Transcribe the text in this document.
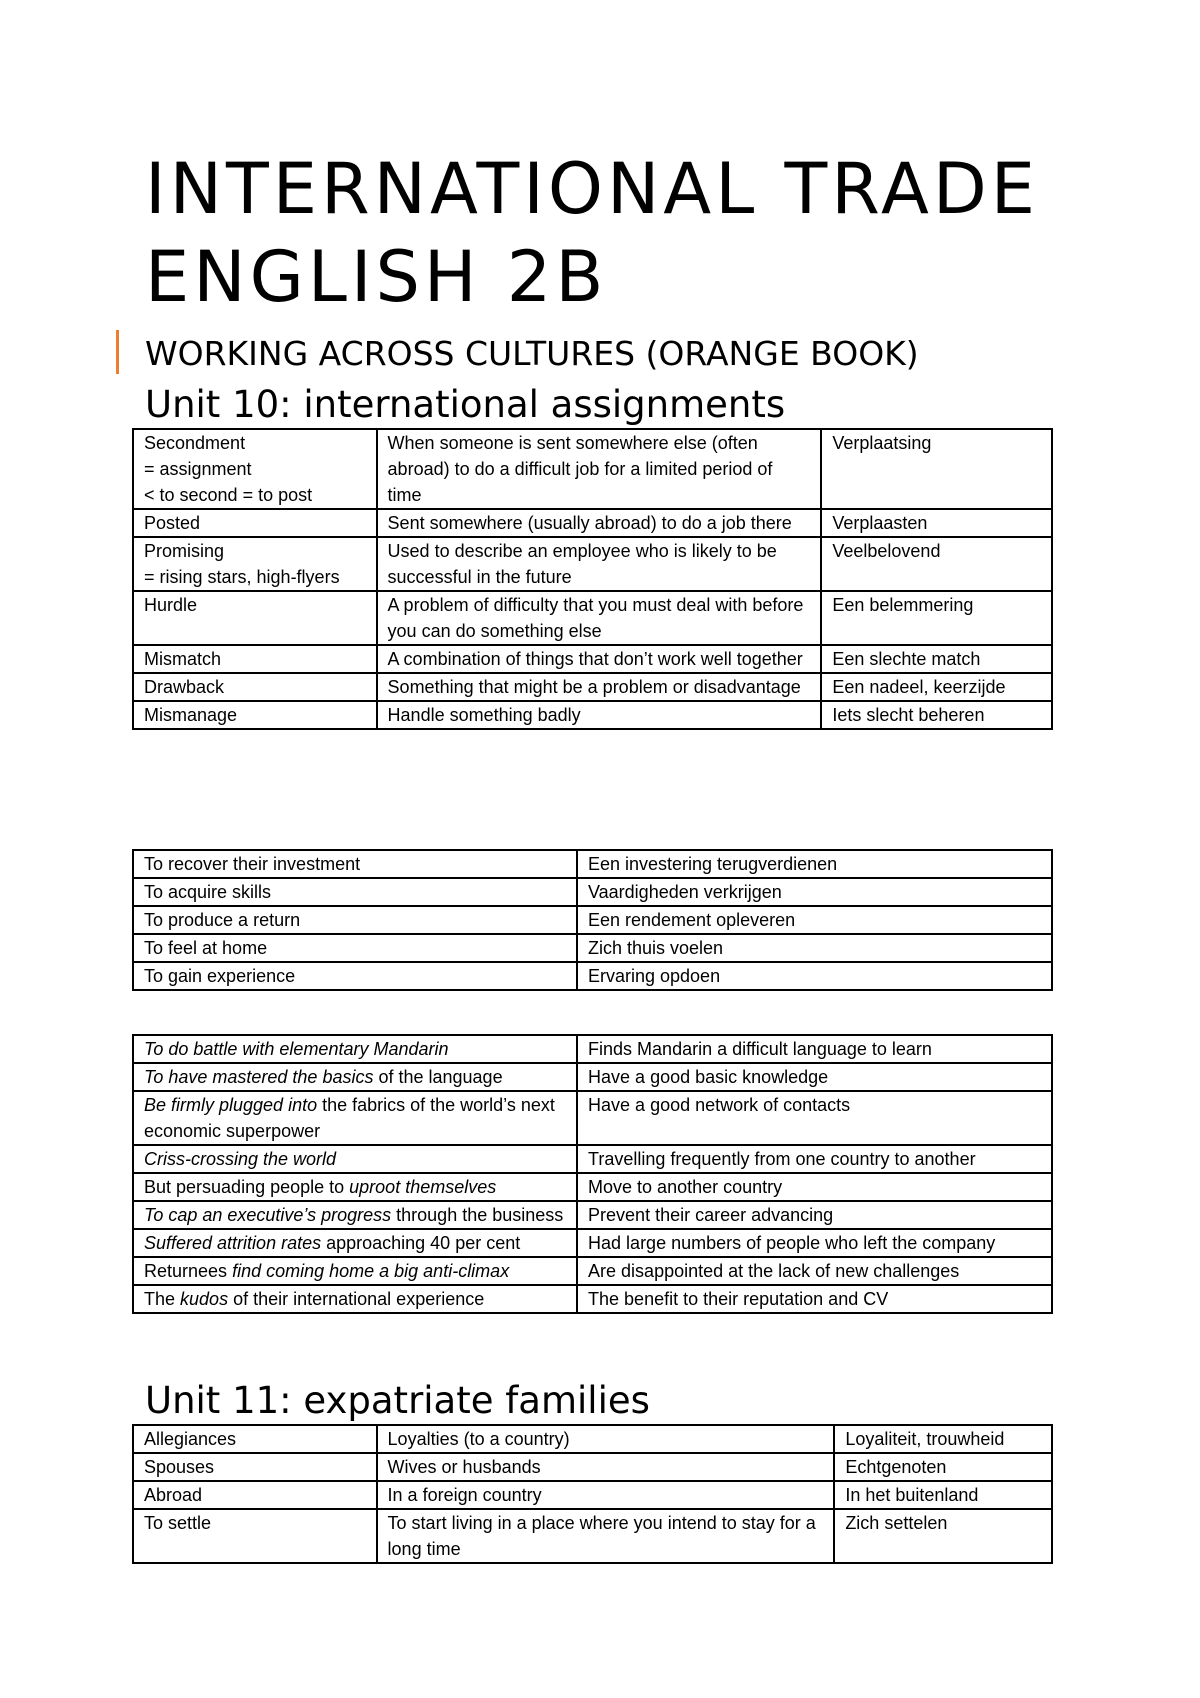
INTERNATIONAL TRADE ENGLISH 2B
WORKING ACROSS CULTURES (ORANGE BOOK)
Unit 10: international assignments
Secondment
= assignment
< to second = to post	When someone is sent somewhere else (often abroad) to do a difficult job for a limited period of time	Verplaatsing
Posted	Sent somewhere (usually abroad) to do a job there	Verplaasten
Promising
= rising stars, high-flyers	Used to describe an employee who is likely to be successful in the future	Veelbelovend
Hurdle	A problem of difficulty that you must deal with before you can do something else	Een belemmering
Mismatch	A combination of things that don’t work well together	Een slechte match
Drawback	Something that might be a problem or disadvantage	Een nadeel, keerzijde
Mismanage	Handle something badly	Iets slecht beheren
To recover their investment	Een investering terugverdienen
To acquire skills	Vaardigheden verkrijgen
To produce a return	Een rendement opleveren
To feel at home	Zich thuis voelen
To gain experience	Ervaring opdoen
To do battle with elementary Mandarin	Finds Mandarin a difficult language to learn
To have mastered the basics of the language	Have a good basic knowledge
Be firmly plugged into the fabrics of the world’s next economic superpower	Have a good network of contacts
Criss-crossing the world	Travelling frequently from one country to another
But persuading people to uproot themselves	Move to another country
To cap an executive’s progress through the business	Prevent their career advancing
Suffered attrition rates approaching 40 per cent	Had large numbers of people who left the company
Returnees find coming home a big anti-climax	Are disappointed at the lack of new challenges
The kudos of their international experience	The benefit to their reputation and CV
Unit 11: expatriate families
Allegiances	Loyalties (to a country)	Loyaliteit, trouwheid
Spouses	Wives or husbands	Echtgenoten
Abroad	In a foreign country	In het buitenland
To settle	To start living in a place where you intend to stay for a long time	Zich settelen
